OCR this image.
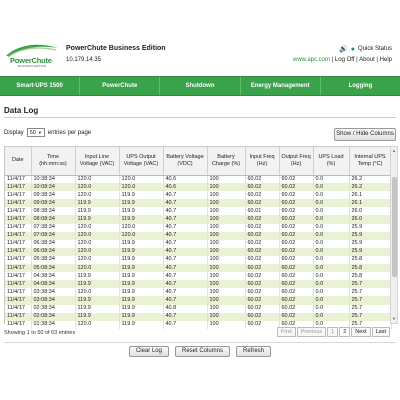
PowerChute
BUSINESS EDITION
PowerChute Business Edition
10.179.14.35
🔊 ● Quick Status
www.apc.com | Log Off | About | Help
Smart-UPS 1500	PowerChute	Shutdown	Energy Management	Logging
Data Log
Display 50 ▼ entries per page	Show / Hide Columns
Date	Time (hh:mm:ss)	Input Line Voltage (VAC)	UPS Output Voltage (VAC)	Battery Voltage (VDC)	Battery Charge (%)	Input Freq (Hz)	Output Freq (Hz)	UPS Load (%)	Internal UPS Temp (°C)
11/4/17	10:38:34	120.0	120.0	40.6	100	60.02	60.02	0.0	26.2
11/4/17	10:08:34	120.0	120.0	40.6	100	60.02	60.02	0.0	26.2
11/4/17	09:38:34	120.0	119.9	40.7	100	60.02	60.02	0.0	26.1
11/4/17	09:08:34	119.9	119.9	40.7	100	60.02	60.02	0.0	26.1
11/4/17	08:38:34	119.9	119.9	40.7	100	60.01	60.02	0.0	26.0
11/4/17	08:08:34	119.9	119.9	40.7	100	60.02	60.02	0.0	26.0
11/4/17	07:38:34	120.0	120.0	40.7	100	60.02	60.02	0.0	25.9
11/4/17	07:08:34	120.0	120.0	40.7	100	60.02	60.02	0.0	25.9
11/4/17	06:38:34	120.0	119.9	40.7	100	60.02	60.02	0.0	25.9
11/4/17	06:08:34	120.0	119.9	40.7	100	60.02	60.02	0.0	25.9
11/4/17	05:38:34	120.0	119.9	40.7	100	60.02	60.02	0.0	25.8
11/4/17	05:08:34	120.0	119.9	40.7	100	60.02	60.02	0.0	25.8
11/4/17	04:38:34	119.9	119.9	40.7	100	60.02	60.02	0.0	25.8
11/4/17	04:08:34	119.9	119.9	40.7	100	60.02	60.02	0.0	25.7
11/4/17	03:38:34	120.0	119.9	40.7	100	60.02	60.02	0.0	25.7
11/4/17	03:08:34	119.9	119.9	40.7	100	60.02	60.02	0.0	25.7
11/4/17	02:38:34	119.9	119.9	40.8	100	60.02	60.02	0.0	25.7
11/4/17	02:08:34	119.9	119.9	40.7	100	60.02	60.02	0.0	25.7
11/4/17	01:38:34	120.0	119.9	40.7	100	60.02	60.02	0.0	25.7
▲
▼
Showing 1 to 50 of 63 entries	First	Previous	1	2	Next	Last
Clear Log	Reset Columns	Refresh
